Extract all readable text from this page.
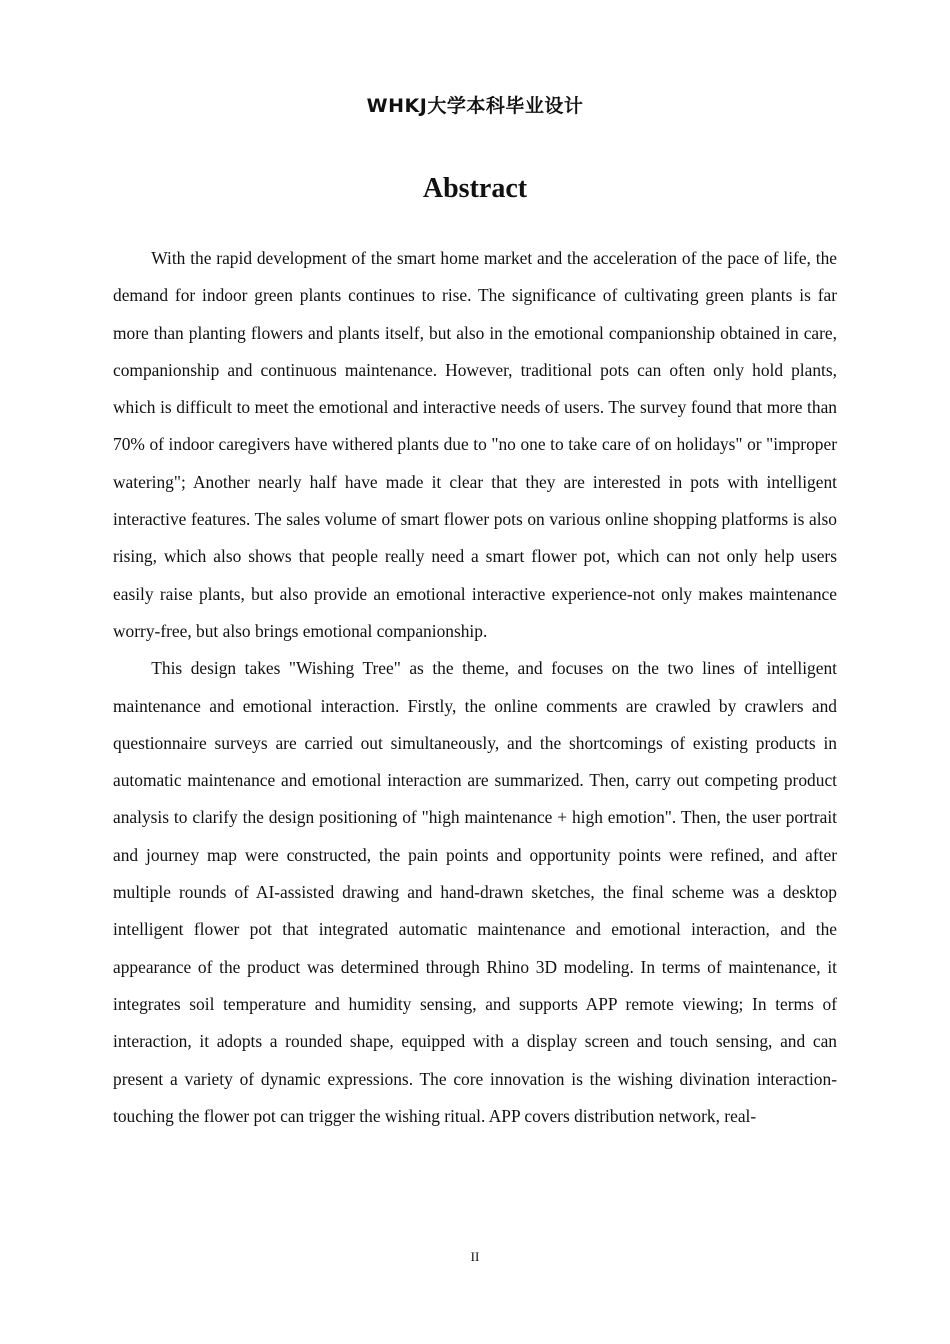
WHKJ大学本科毕业设计
Abstract

With the rapid development of the smart home market and the acceleration of the pace of life, the demand for indoor green plants continues to rise. The significance of cultivating green plants is far more than planting flowers and plants itself, but also in the emotional companionship obtained in care, companionship and continuous maintenance. However, traditional pots can often only hold plants, which is difficult to meet the emotional and interactive needs of users. The survey found that more than 70% of indoor caregivers have withered plants due to "no one to take care of on holidays" or "improper watering"; Another nearly half have made it clear that they are interested in pots with intelligent interactive features. The sales volume of smart flower pots on various online shopping platforms is also rising, which also shows that people really need a smart flower pot, which can not only help users easily raise plants, but also provide an emotional interactive experience-not only makes maintenance worry-free, but also brings emotional companionship.

This design takes "Wishing Tree" as the theme, and focuses on the two lines of intelligent maintenance and emotional interaction. Firstly, the online comments are crawled by crawlers and questionnaire surveys are carried out simultaneously, and the shortcomings of existing products in automatic maintenance and emotional interaction are summarized. Then, carry out competing product analysis to clarify the design positioning of "high maintenance + high emotion". Then, the user portrait and journey map were constructed, the pain points and opportunity points were refined, and after multiple rounds of AI-assisted drawing and hand-drawn sketches, the final scheme was a desktop intelligent flower pot that integrated automatic maintenance and emotional interaction, and the appearance of the product was determined through Rhino 3D modeling. In terms of maintenance, it integrates soil temperature and humidity sensing, and supports APP remote viewing; In terms of interaction, it adopts a rounded shape, equipped with a display screen and touch sensing, and can present a variety of dynamic expressions. The core innovation is the wishing divination interaction-touching the flower pot can trigger the wishing ritual. APP covers distribution network, real-

II
